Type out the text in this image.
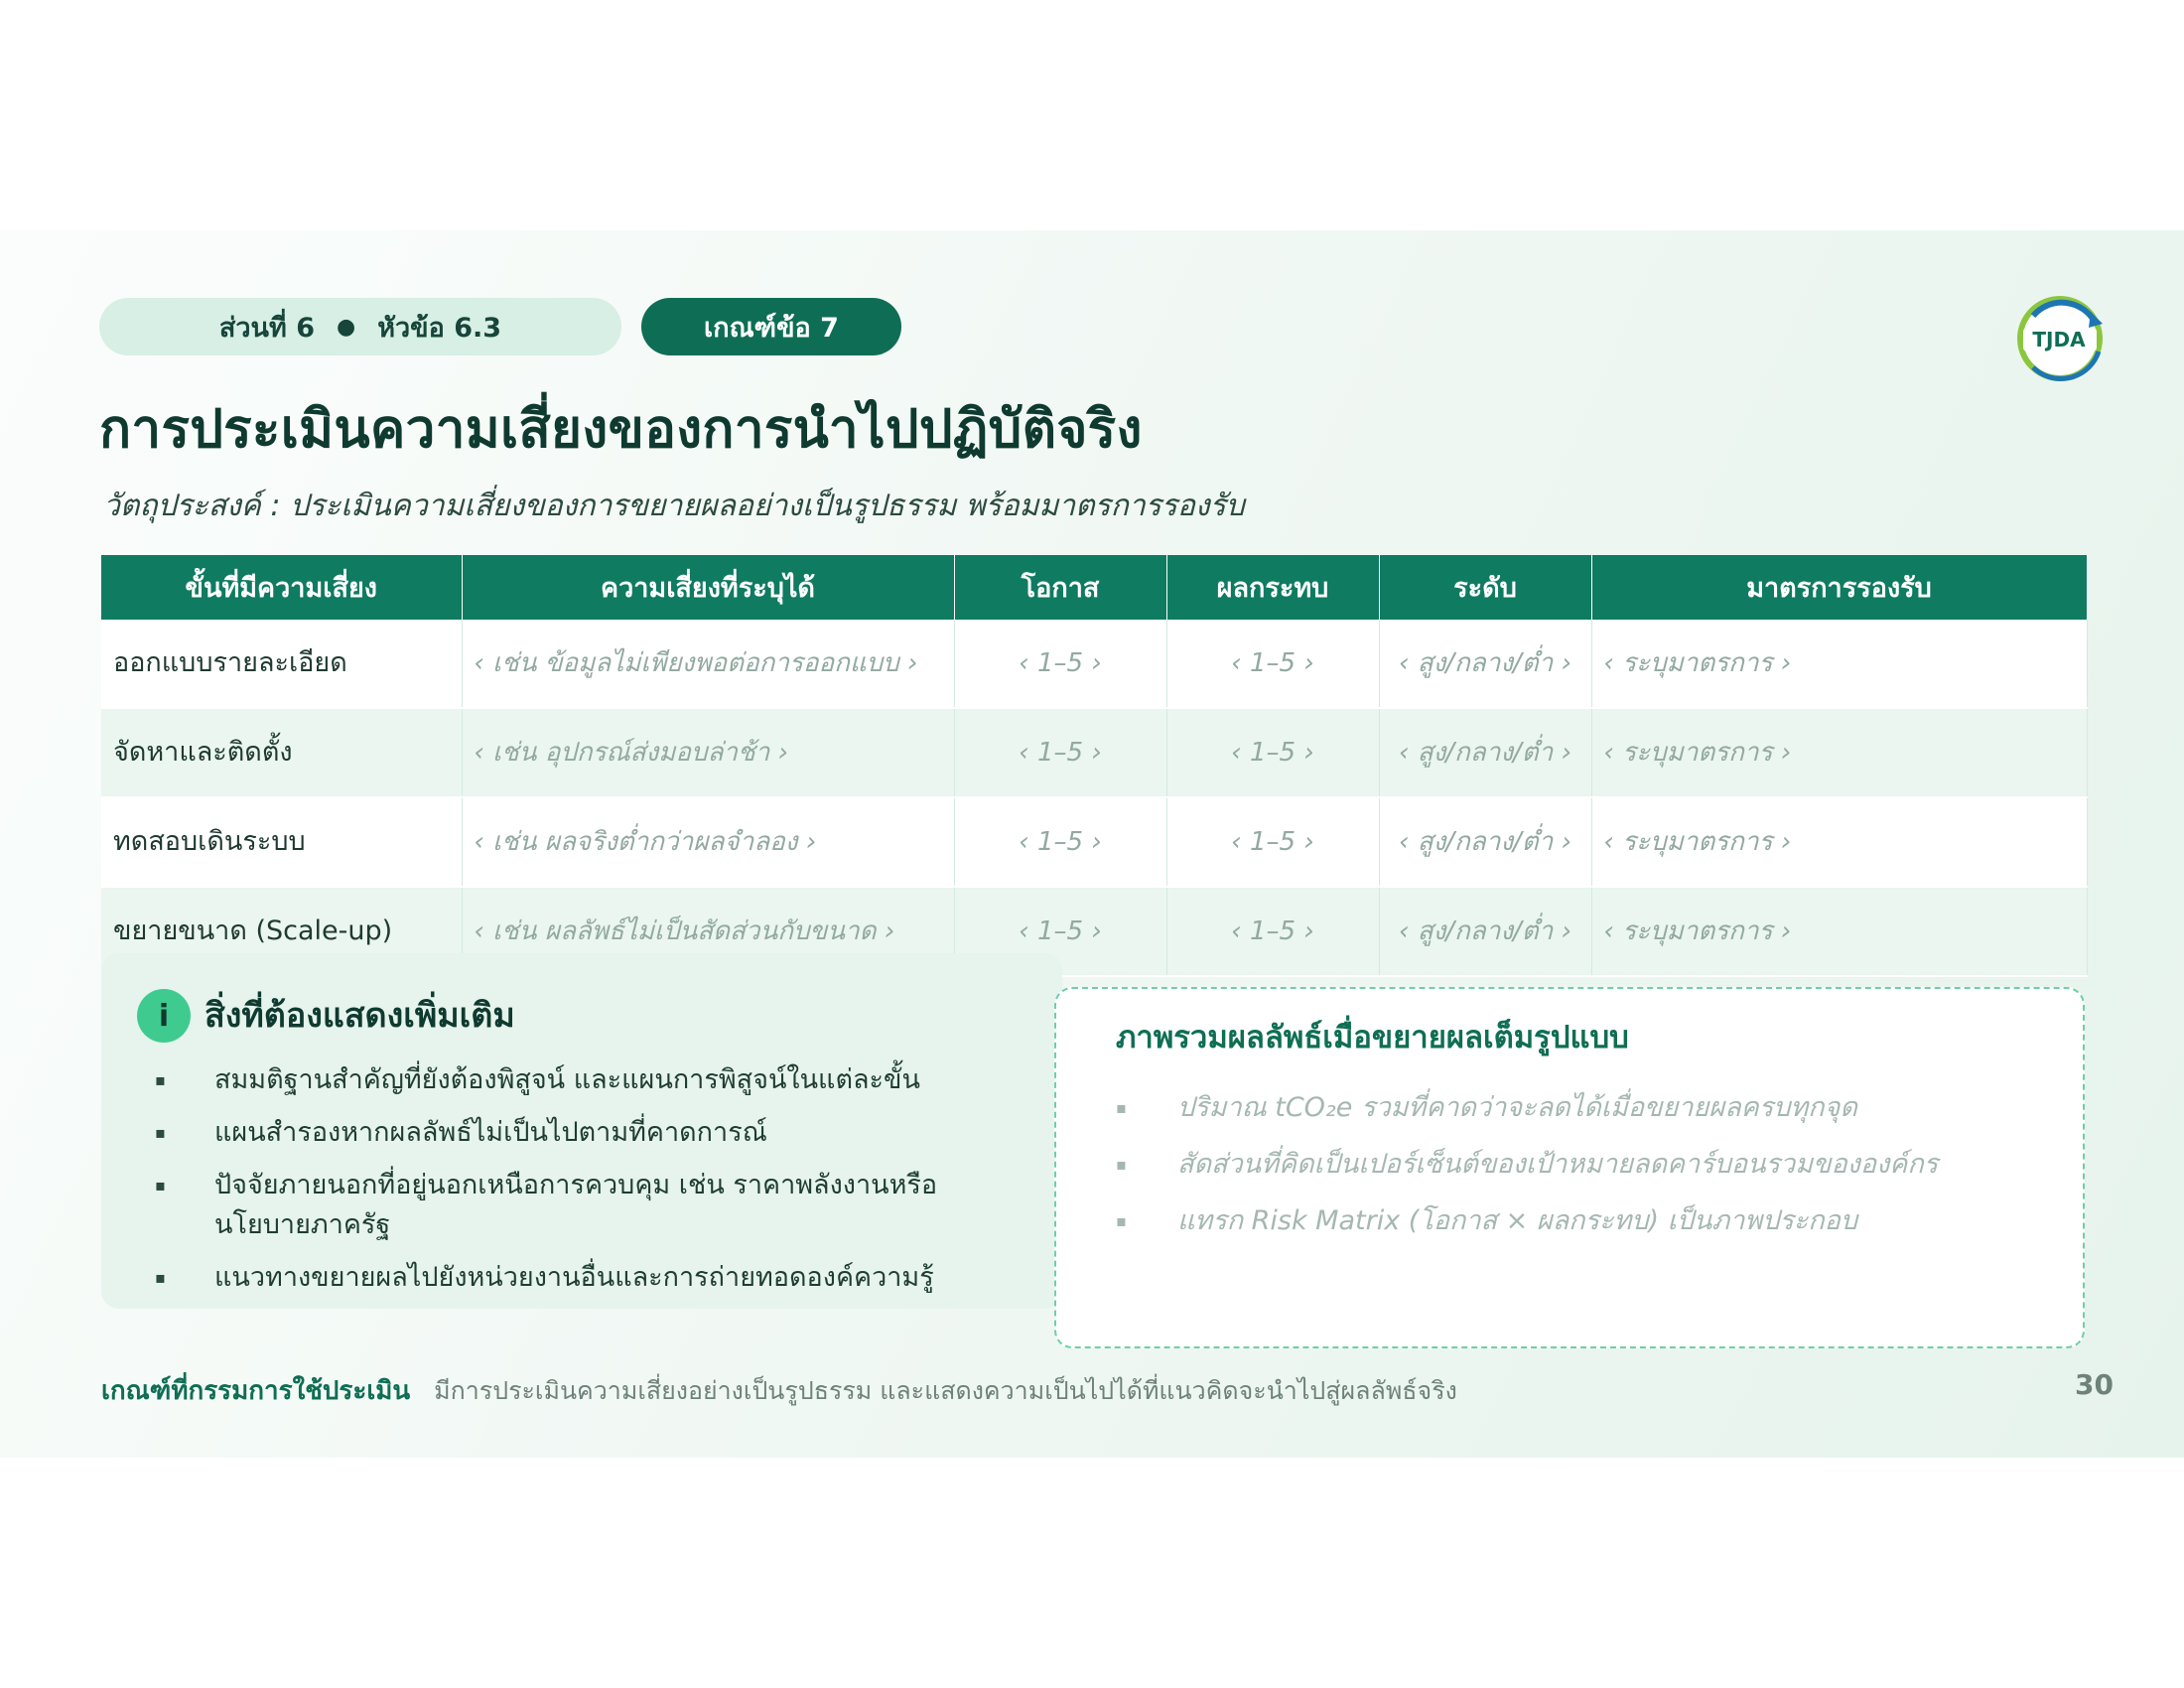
ส่วนที่ 6 ● หัวข้อ 6.3	เกณฑ์ข้อ 7	TJDA
การประเมินความเสี่ยงของการนำไปปฏิบัติจริง

วัตถุประสงค์ : ประเมินความเสี่ยงของการขยายผลอย่างเป็นรูปธรรม พร้อมมาตรการรองรับ

ขั้นที่มีความเสี่ยง	ความเสี่ยงที่ระบุได้	โอกาส	ผลกระทบ	ระดับ	มาตรการรองรับ
ออกแบบรายละเอียด	‹ เช่น ข้อมูลไม่เพียงพอต่อการออกแบบ ›	‹ 1–5 ›	‹ 1–5 ›	‹ สูง/กลาง/ต่ำ ›	‹ ระบุมาตรการ ›
จัดหาและติดตั้ง	‹ เช่น อุปกรณ์ส่งมอบล่าช้า ›	‹ 1–5 ›	‹ 1–5 ›	‹ สูง/กลาง/ต่ำ ›	‹ ระบุมาตรการ ›
ทดสอบเดินระบบ	‹ เช่น ผลจริงต่ำกว่าผลจำลอง ›	‹ 1–5 ›	‹ 1–5 ›	‹ สูง/กลาง/ต่ำ ›	‹ ระบุมาตรการ ›
ขยายขนาด (Scale-up)	‹ เช่น ผลลัพธ์ไม่เป็นสัดส่วนกับขนาด ›	‹ 1–5 ›	‹ 1–5 ›	‹ สูง/กลาง/ต่ำ ›	‹ ระบุมาตรการ ›
i	สิ่งที่ต้องแสดงเพิ่มเติม
▪ สมมติฐานสำคัญที่ยังต้องพิสูจน์ และแผนการพิสูจน์ในแต่ละขั้น
▪ แผนสำรองหากผลลัพธ์ไม่เป็นไปตามที่คาดการณ์
▪ ปัจจัยภายนอกที่อยู่นอกเหนือการควบคุม เช่น ราคาพลังงานหรือนโยบายภาครัฐ
▪ แนวทางขยายผลไปยังหน่วยงานอื่นและการถ่ายทอดองค์ความรู้
ภาพรวมผลลัพธ์เมื่อขยายผลเต็มรูปแบบ
▪ ปริมาณ tCO₂e รวมที่คาดว่าจะลดได้เมื่อขยายผลครบทุกจุด
▪ สัดส่วนที่คิดเป็นเปอร์เซ็นต์ของเป้าหมายลดคาร์บอนรวมขององค์กร
▪ แทรก Risk Matrix (โอกาส × ผลกระทบ) เป็นภาพประกอบ
เกณฑ์ที่กรรมการใช้ประเมิน มีการประเมินความเสี่ยงอย่างเป็นรูปธรรม และแสดงความเป็นไปได้ที่แนวคิดจะนำไปสู่ผลลัพธ์จริง	30
